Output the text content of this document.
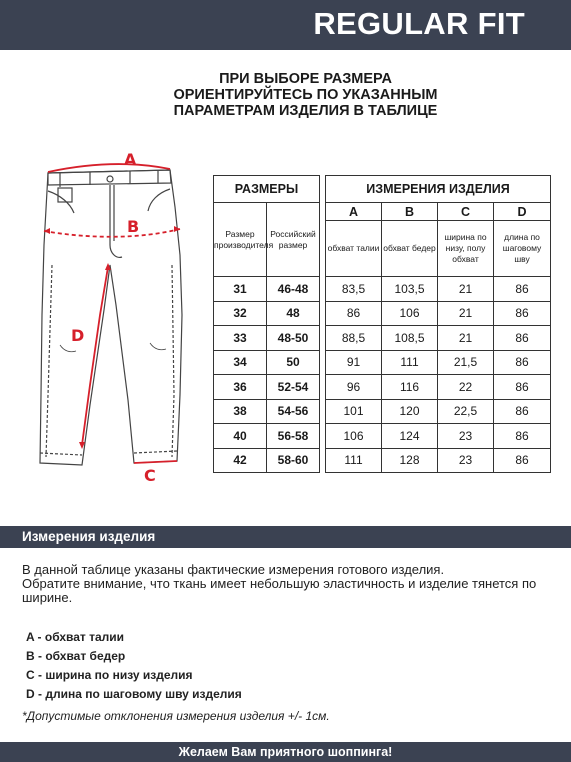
REGULAR FIT
ПРИ ВЫБОРЕ РАЗМЕРА
ОРИЕНТИРУЙТЕСЬ ПО УКАЗАННЫМ
ПАРАМЕТРАМ ИЗДЕЛИЯ В ТАБЛИЦЕ
A
B
D
C
РАЗМЕРЫ			ИЗМЕРЕНИЯ ИЗДЕЛИЯ			
Размер производителя	Российский размер		A	B	C	D
			обхват талии	обхват бедер	ширина по низу, полу обхват	длина по шаговому шву
31	46-48		83,5	103,5	21	86
32	48		86	106	21	86
33	48-50		88,5	108,5	21	86
34	50		91	111	21,5	86
36	52-54		96	116	22	86
38	54-56		101	120	22,5	86
40	56-58		106	124	23	86
42	58-60		111	128	23	86
Измерения изделия

В данной таблице указаны фактические измерения готового изделия.

Обратите внимание, что ткань имеет небольшую эластичность и изделие тянется по ширине.

A - обхват талии
B - обхват бедер
C - ширина по низу изделия
D - длина по шаговому шву изделия
*Допустимые отклонения измерения изделия +/- 1см.
Желаем Вам приятного шоппинга!
